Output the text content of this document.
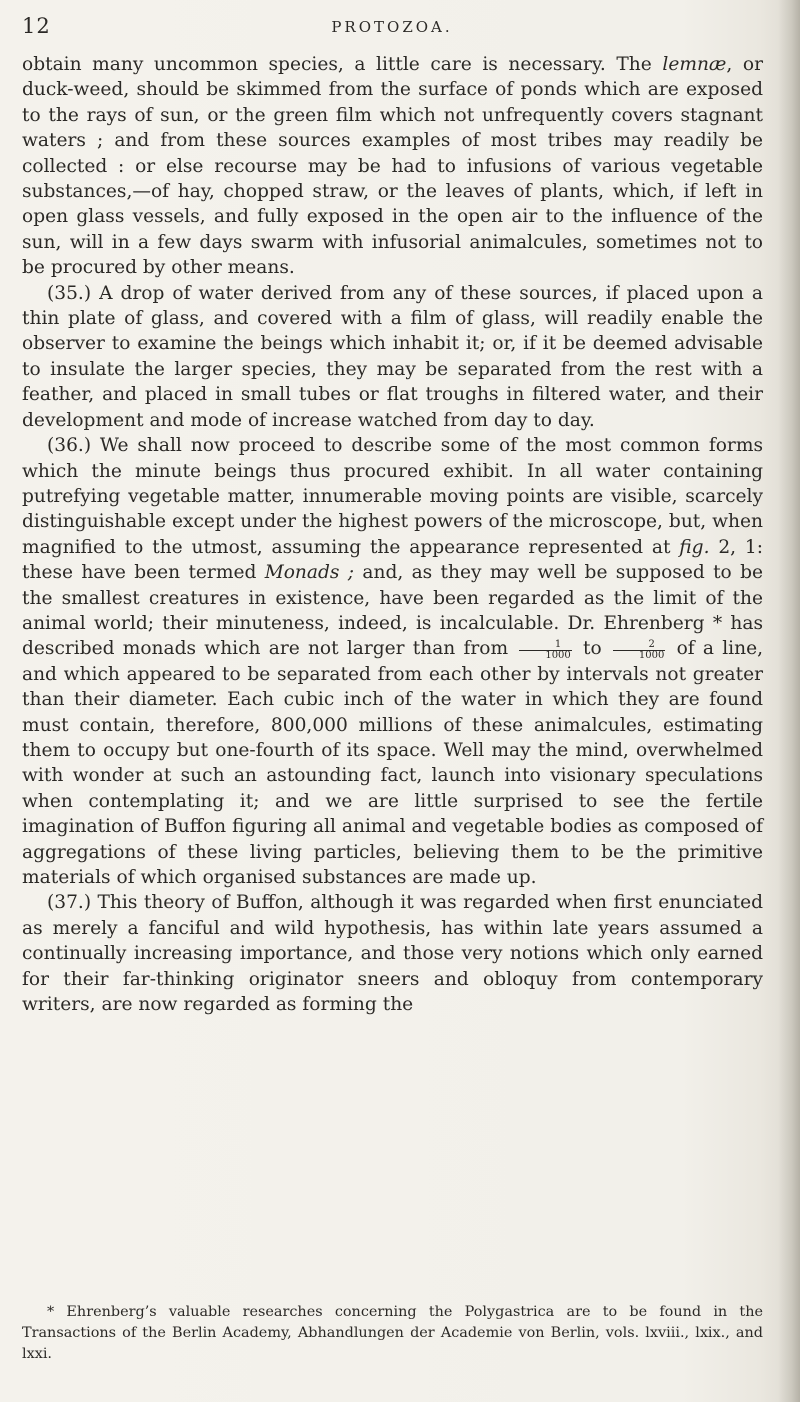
12	PROTOZOA.

obtain many uncommon species, a little care is necessary. The lemnæ, or duck-weed, should be skimmed from the surface of ponds which are exposed to the rays of sun, or the green film which not unfrequently covers stagnant waters ; and from these sources examples of most tribes may readily be collected : or else recourse may be had to infusions of various vegetable substances,—of hay, chopped straw, or the leaves of plants, which, if left in open glass vessels, and fully exposed in the open air to the influence of the sun, will in a few days swarm with infusorial animalcules, sometimes not to be procured by other means.

(35.) A drop of water derived from any of these sources, if placed upon a thin plate of glass, and covered with a film of glass, will readily enable the observer to examine the beings which inhabit it; or, if it be deemed advisable to insulate the larger species, they may be separated from the rest with a feather, and placed in small tubes or flat troughs in filtered water, and their development and mode of increase watched from day to day.

(36.) We shall now proceed to describe some of the most common forms which the minute beings thus procured exhibit. In all water containing putrefying vegetable matter, innumerable moving points are visible, scarcely distinguishable except under the highest powers of the microscope, but, when magnified to the utmost, assuming the appearance represented at fig. 2, 1: these have been termed Monads ; and, as they may well be supposed to be the smallest creatures in existence, have been regarded as the limit of the animal world; their minuteness, indeed, is incalculable. Dr. Ehrenberg * has described monads which are not larger than from $\frac{1}{1000}$ to $\frac{2}{1000}$ of a line, and which appeared to be separated from each other by intervals not greater than their diameter. Each cubic inch of the water in which they are found must contain, therefore, 800,000 millions of these animalcules, estimating them to occupy but one-fourth of its space. Well may the mind, overwhelmed with wonder at such an astounding fact, launch into visionary speculations when contemplating it; and we are little surprised to see the fertile imagination of Buffon figuring all animal and vegetable bodies as composed of aggregations of these living particles, believing them to be the primitive materials of which organised substances are made up.

(37.) This theory of Buffon, although it was regarded when first enunciated as merely a fanciful and wild hypothesis, has within late years assumed a continually increasing importance, and those very notions which only earned for their far-thinking originator sneers and obloquy from contemporary writers, are now regarded as forming the

* Ehrenberg’s valuable researches concerning the Polygastrica are to be found in the Transactions of the Berlin Academy, Abhandlungen der Academie von Berlin, vols. lxviii., lxix., and lxxi.
